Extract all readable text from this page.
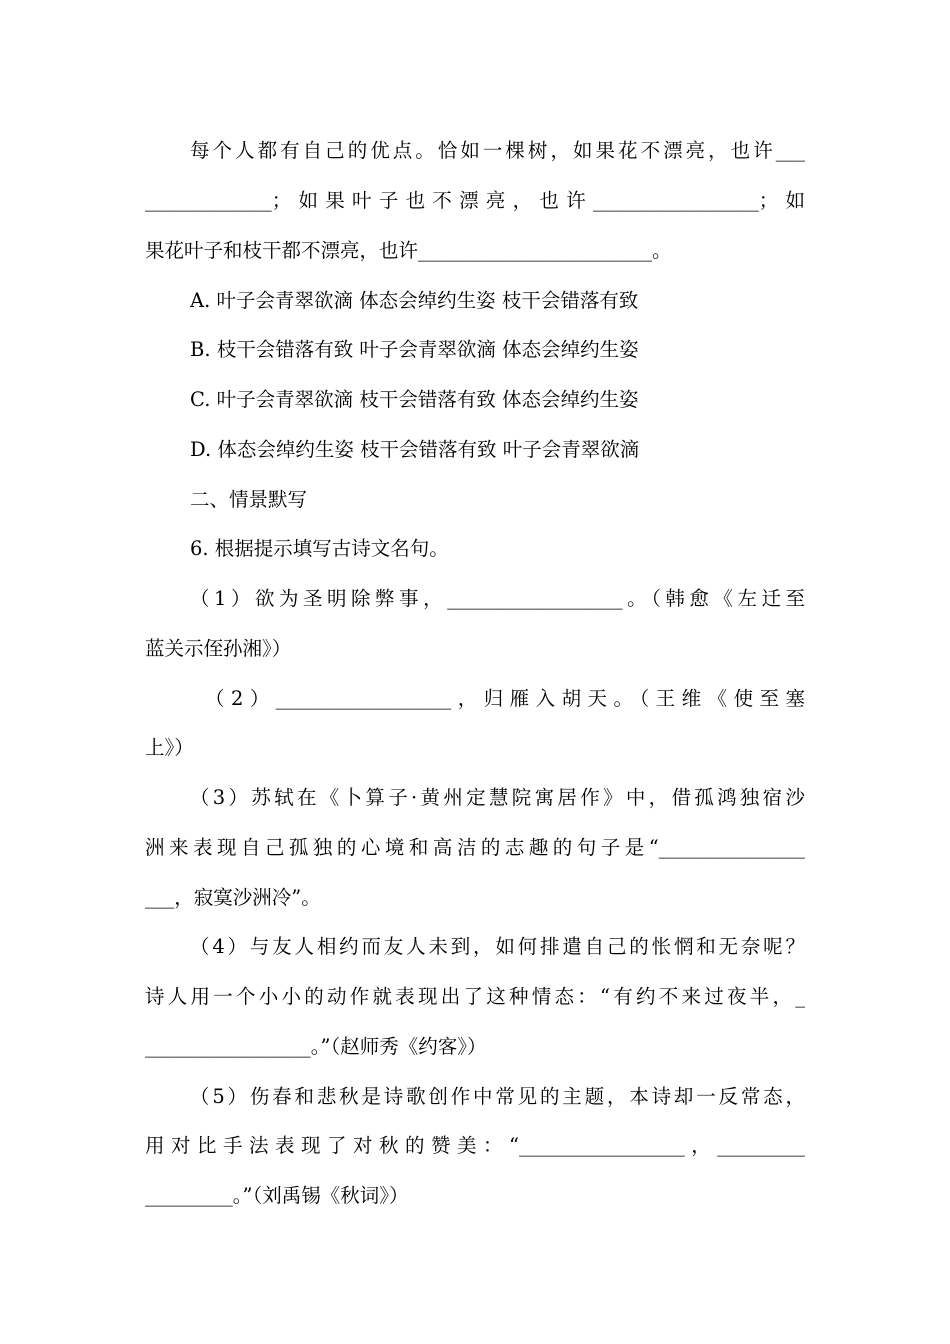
每个人都有自己的优点。恰如一棵树，如果花不漂亮，也许___
_____________；如果叶子也不漂亮，也许_________________；如
果花叶子和枝干都不漂亮，也许________________________。
A. 叶子会青翠欲滴 体态会绰约生姿 枝干会错落有致
B. 枝干会错落有致 叶子会青翠欲滴 体态会绰约生姿
C. 叶子会青翠欲滴 枝干会错落有致 体态会绰约生姿
D. 体态会绰约生姿 枝干会错落有致 叶子会青翠欲滴
二、情景默写
6. 根据提示填写古诗文名句。
（1）欲为圣明除弊事，__________________。（韩愈《左迁至
蓝关示侄孙湘》）
（2）__________________，归雁入胡天。（王维《使至塞
上》）
（3）苏轼在《卜算子·黄州定慧院寓居作》中，借孤鸿独宿沙
洲来表现自己孤独的心境和高洁的志趣的句子是“_______________
___，寂寞沙洲冷”。
（4）与友人相约而友人未到，如何排遣自己的怅惘和无奈呢？
诗人用一个小小的动作就表现出了这种情态：“有约不来过夜半，_
_________________。”（赵师秀《约客》）
（5）伤春和悲秋是诗歌创作中常见的主题，本诗却一反常态，
用对比手法表现了对秋的赞美：“_________________，_________
_________。”（刘禹锡《秋词》）
